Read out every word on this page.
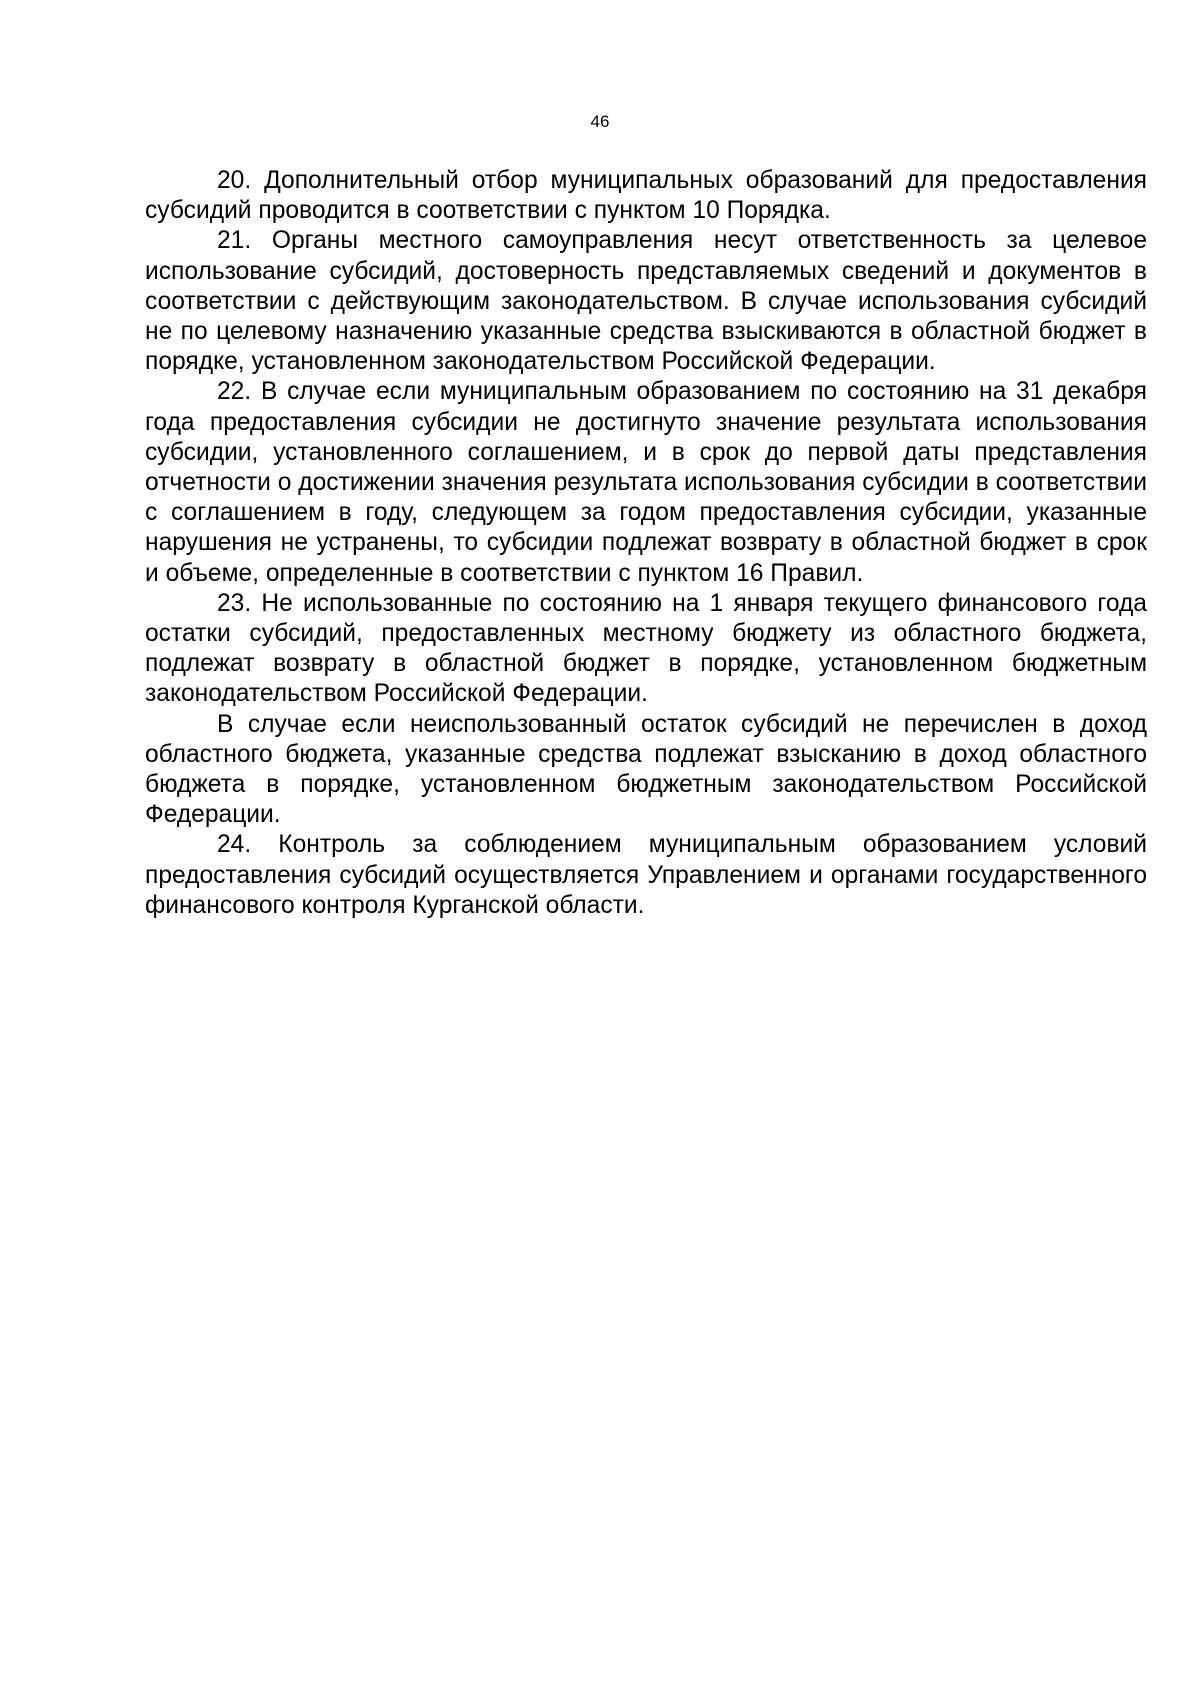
46

20. Дополнительный отбор муниципальных образований для предоставления субсидий проводится в соответствии с пунктом 10 Порядка.

21. Органы местного самоуправления несут ответственность за целевое использование субсидий, достоверность представляемых сведений и документов в соответствии с действующим законодательством. В случае использования субсидий не по целевому назначению указанные средства взыскиваются в областной бюджет в порядке, установленном законодательством Российской Федерации.

22. В случае если муниципальным образованием по состоянию на 31 декабря года предоставления субсидии не достигнуто значение результата использования субсидии, установленного соглашением, и в срок до первой даты представления отчетности о достижении значения результата использования субсидии в соответствии с соглашением в году, следующем за годом предоставления субсидии, указанные нарушения не устранены, то субсидии подлежат возврату в областной бюджет в срок и объеме, определенные в соответствии с пунктом 16 Правил.

23. Не использованные по состоянию на 1 января текущего финансового года остатки субсидий, предоставленных местному бюджету из областного бюджета, подлежат возврату в областной бюджет в порядке, установленном бюджетным законодательством Российской Федерации.

В случае если неиспользованный остаток субсидий не перечислен в доход областного бюджета, указанные средства подлежат взысканию в доход областного бюджета в порядке, установленном бюджетным законодательством Российской Федерации.

24. Контроль за соблюдением муниципальным образованием условий предоставления субсидий осуществляется Управлением и органами государственного финансового контроля Курганской области.
